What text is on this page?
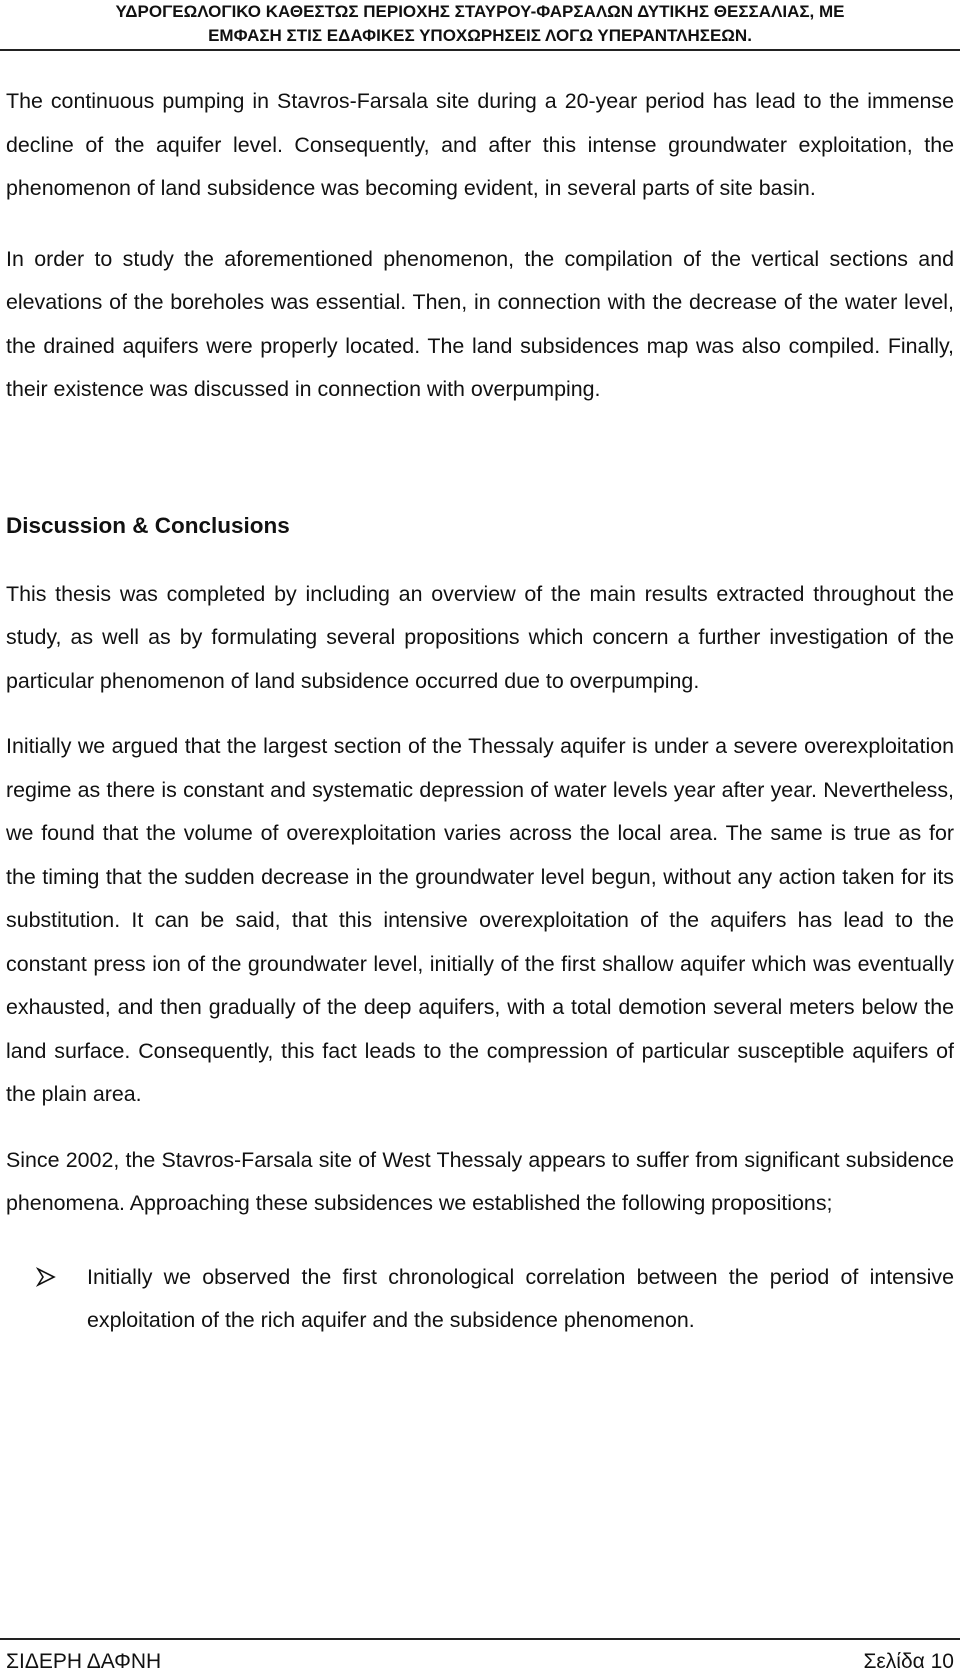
ΥΔΡΟΓΕΩΛΟΓΙΚΟ ΚΑΘΕΣΤΩΣ ΠΕΡΙΟΧΗΣ ΣΤΑΥΡΟΥ-ΦΑΡΣΑΛΩΝ ΔΥΤΙΚΗΣ ΘΕΣΣΑΛΙΑΣ, ΜΕ
ΕΜΦΑΣΗ ΣΤΙΣ ΕΔΑΦΙΚΕΣ ΥΠΟΧΩΡΗΣΕΙΣ ΛΟΓΩ ΥΠΕΡΑΝΤΛΗΣΕΩΝ.

The continuous pumping in Stavros-Farsala site during a 20-year period has lead to the immense decline of the aquifer level. Consequently, and after this intense groundwater exploitation, the phenomenon of land subsidence was becoming evident, in several parts of site basin.

In order to study the aforementioned phenomenon, the compilation of the vertical sections and elevations of the boreholes was essential. Then, in connection with the decrease of the water level, the drained aquifers were properly located. The land subsidences map was also compiled. Finally, their existence was discussed in connection with overpumping.

Discussion & Conclusions

This thesis was completed by including an overview of the main results extracted throughout the study, as well as by formulating several propositions which concern a further investigation of the particular phenomenon of land subsidence occurred due to overpumping.

Initially we argued that the largest section of the Thessaly aquifer is under a severe overexploitation regime as there is constant and systematic depression of water levels year after year. Nevertheless, we found that the volume of overexploitation varies across the local area. The same is true as for the timing that the sudden decrease in the groundwater level begun, without any action taken for its substitution. It can be said, that this intensive overexploitation of the aquifers has lead to the constant press ion of the groundwater level, initially of the first shallow aquifer which was eventually exhausted, and then gradually of the deep aquifers, with a total demotion several meters below the land surface. Consequently, this fact leads to the compression of particular susceptible aquifers of the plain area.

Since 2002, the Stavros-Farsala site of West Thessaly appears to suffer from significant subsidence phenomena. Approaching these subsidences we established the following propositions;

Initially we observed the first chronological correlation between the period of intensive exploitation of the rich aquifer and the subsidence phenomenon.

ΣΙΔΕΡΗ ΔΑΦΝΗ	Σελίδα 10
